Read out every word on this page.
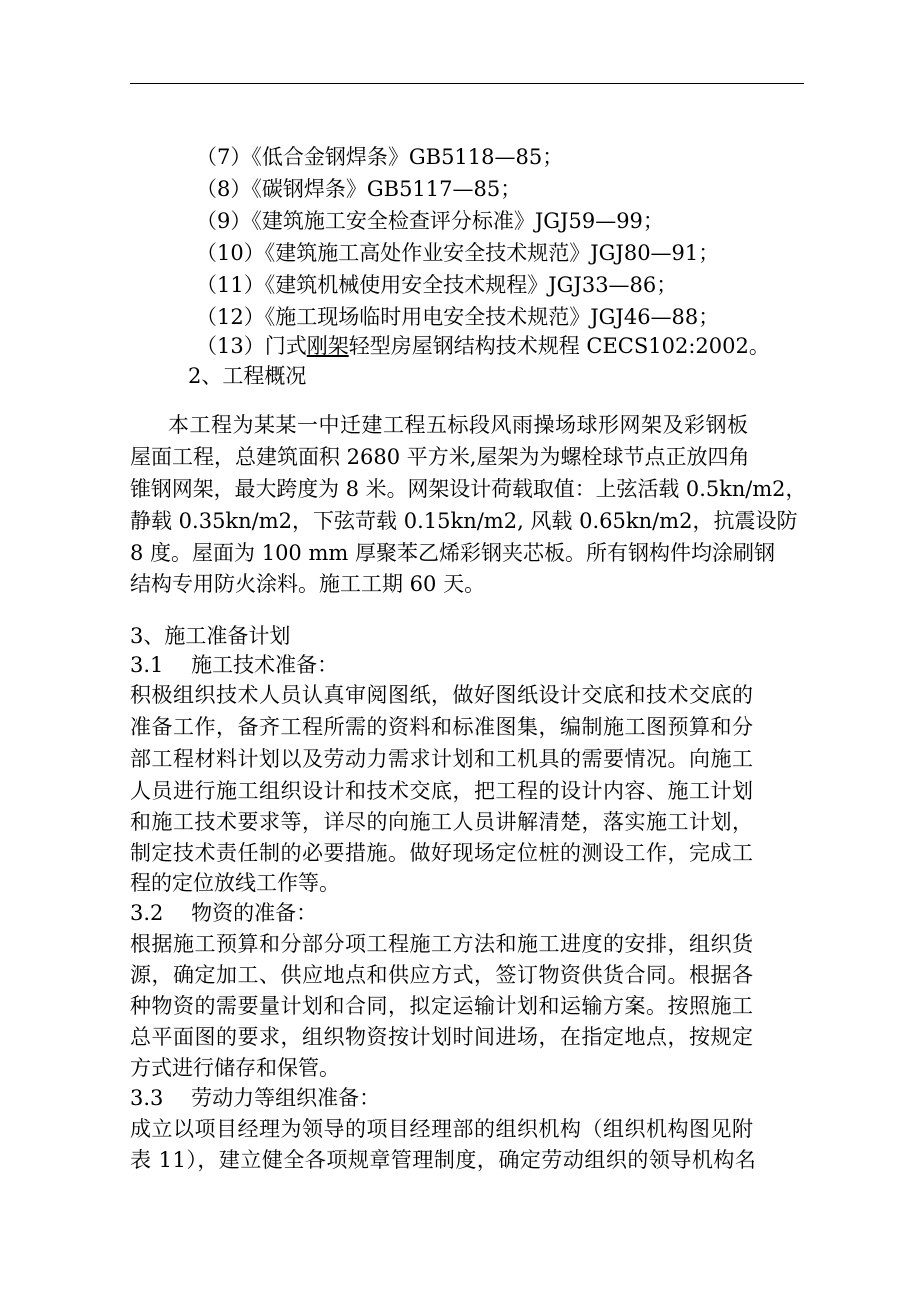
（7）《低合金钢焊条》GB5118—85；
（8）《碳钢焊条》GB5117—85；
（9）《建筑施工安全检查评分标准》JGJ59—99；
（10）《建筑施工高处作业安全技术规范》JGJ80—91；
（11）《建筑机械使用安全技术规程》JGJ33—86；
（12）《施工现场临时用电安全技术规范》JGJ46—88；
（13）门式刚架轻型房屋钢结构技术规程 CECS102:2002。
2、工程概况
本工程为某某一中迁建工程五标段风雨操场球形网架及彩钢板
屋面工程，总建筑面积 2680 平方米,屋架为为螺栓球节点正放四角
锥钢网架，最大跨度为 8 米。网架设计荷载取值：上弦活载 0.5kn/m2，
静载 0.35kn/m2，下弦苛载 0.15kn/m2, 风载 0.65kn/m2，抗震设防
8 度。屋面为 100 mm 厚聚苯乙烯彩钢夹芯板。所有钢构件均涂刷钢
结构专用防火涂料。施工工期 60 天。
3、施工准备计划
3.1　 施工技术准备：
积极组织技术人员认真审阅图纸，做好图纸设计交底和技术交底的
准备工作，备齐工程所需的资料和标准图集，编制施工图预算和分
部工程材料计划以及劳动力需求计划和工机具的需要情况。向施工
人员进行施工组织设计和技术交底，把工程的设计内容、施工计划
和施工技术要求等，详尽的向施工人员讲解清楚，落实施工计划，
制定技术责任制的必要措施。做好现场定位桩的测设工作，完成工
程的定位放线工作等。
3.2　 物资的准备：
根据施工预算和分部分项工程施工方法和施工进度的安排，组织货
源，确定加工、供应地点和供应方式，签订物资供货合同。根据各
种物资的需要量计划和合同，拟定运输计划和运输方案。按照施工
总平面图的要求，组织物资按计划时间进场，在指定地点，按规定
方式进行储存和保管。
3.3　 劳动力等组织准备：
成立以项目经理为领导的项目经理部的组织机构（组织机构图见附
表 11），建立健全各项规章管理制度，确定劳动组织的领导机构名
